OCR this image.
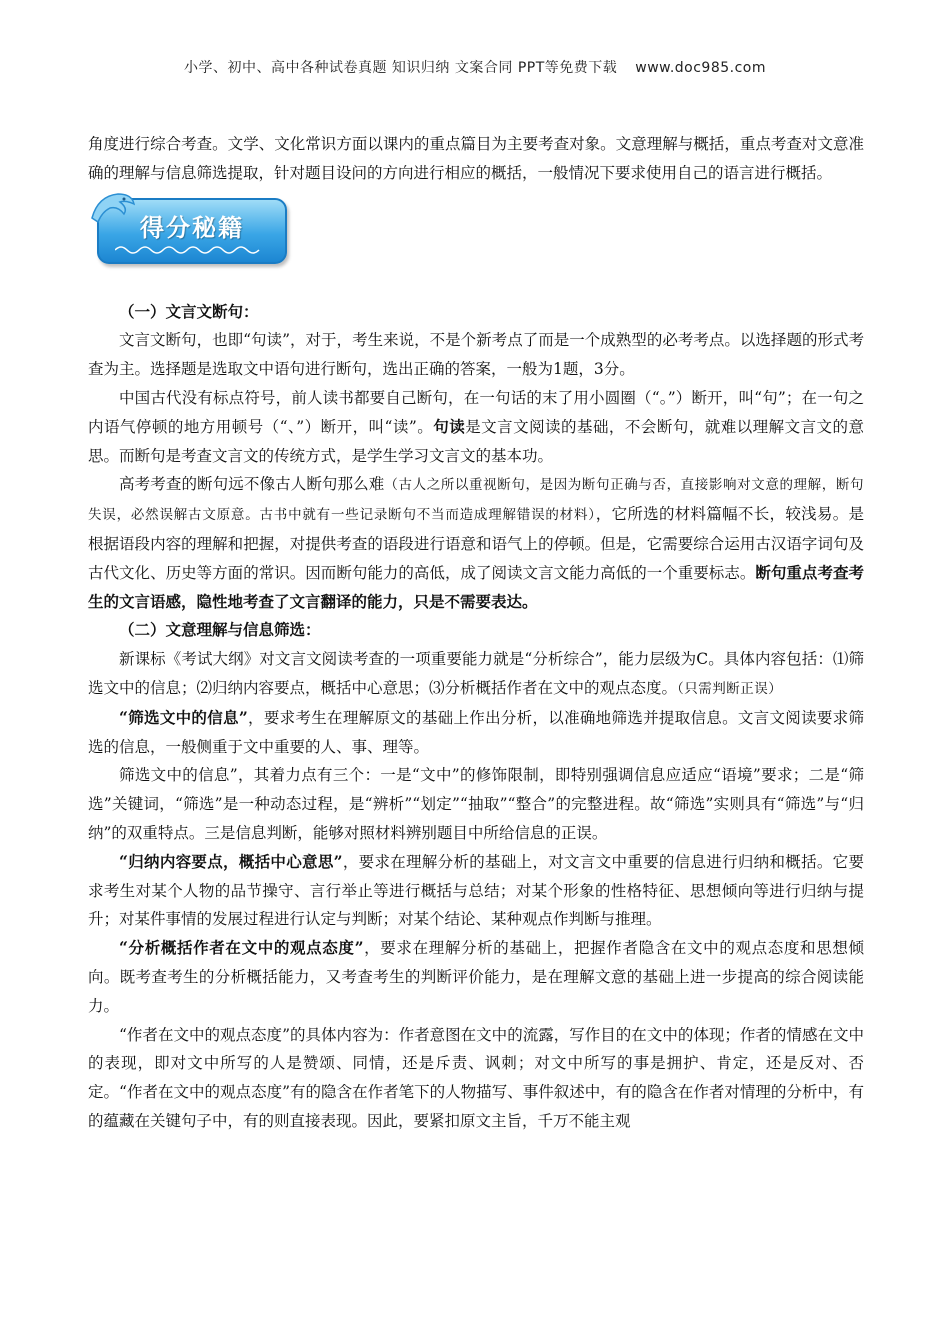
小学、初中、高中各种试卷真题 知识归纳 文案合同 PPT等免费下载 www.doc985.com

角度进行综合考查。文学、文化常识方面以课内的重点篇目为主要考查对象。文意理解与概括，重点考查对文意准确的理解与信息筛选提取，针对题目设问的方向进行相应的概括，一般情况下要求使用自己的语言进行概括。

得分秘籍

（一）文言文断句：

文言文断句，也即“句读”，对于，考生来说，不是个新考点了而是一个成熟型的必考考点。以选择题的形式考查为主。选择题是选取文中语句进行断句，选出正确的答案，一般为1题，3分。

中国古代没有标点符号，前人读书都要自己断句，在一句话的末了用小圆圈（“。”）断开，叫“句”；在一句之内语气停顿的地方用顿号（“、”）断开，叫“读”。句读是文言文阅读的基础，不会断句，就难以理解文言文的意思。而断句是考查文言文的传统方式，是学生学习文言文的基本功。

高考考查的断句远不像古人断句那么难（古人之所以重视断句，是因为断句正确与否，直接影响对文意的理解，断句失误，必然误解古文原意。古书中就有一些记录断句不当而造成理解错误的材料），它所选的材料篇幅不长，较浅易。是根据语段内容的理解和把握，对提供考查的语段进行语意和语气上的停顿。但是，它需要综合运用古汉语字词句及古代文化、历史等方面的常识。因而断句能力的高低，成了阅读文言文能力高低的一个重要标志。断句重点考查考生的文言语感，隐性地考查了文言翻译的能力，只是不需要表达。

（二）文意理解与信息筛选：

新课标《考试大纲》对文言文阅读考查的一项重要能力就是“分析综合”，能力层级为C。具体内容包括：⑴筛选文中的信息；⑵归纳内容要点，概括中心意思；⑶分析概括作者在文中的观点态度。（只需判断正误）

“筛选文中的信息”，要求考生在理解原文的基础上作出分析，以准确地筛选并提取信息。文言文阅读要求筛选的信息，一般侧重于文中重要的人、事、理等。

筛选文中的信息”，其着力点有三个：一是“文中”的修饰限制，即特别强调信息应适应“语境”要求；二是“筛选”关键词，“筛选”是一种动态过程，是“辨析”“划定”“抽取”“整合”的完整进程。故“筛选”实则具有“筛选”与“归纳”的双重特点。三是信息判断，能够对照材料辨别题目中所给信息的正误。

“归纳内容要点，概括中心意思”，要求在理解分析的基础上，对文言文中重要的信息进行归纳和概括。它要求考生对某个人物的品节操守、言行举止等进行概括与总结；对某个形象的性格特征、思想倾向等进行归纳与提升；对某件事情的发展过程进行认定与判断；对某个结论、某种观点作判断与推理。

“分析概括作者在文中的观点态度”，要求在理解分析的基础上，把握作者隐含在文中的观点态度和思想倾向。既考查考生的分析概括能力，又考查考生的判断评价能力，是在理解文意的基础上进一步提高的综合阅读能力。

“作者在文中的观点态度”的具体内容为：作者意图在文中的流露，写作目的在文中的体现；作者的情感在文中的表现，即对文中所写的人是赞颂、同情，还是斥责、讽刺；对文中所写的事是拥护、肯定，还是反对、否定。“作者在文中的观点态度”有的隐含在作者笔下的人物描写、事件叙述中，有的隐含在作者对情理的分析中，有的蕴藏在关键句子中，有的则直接表现。因此，要紧扣原文主旨，千万不能主观
